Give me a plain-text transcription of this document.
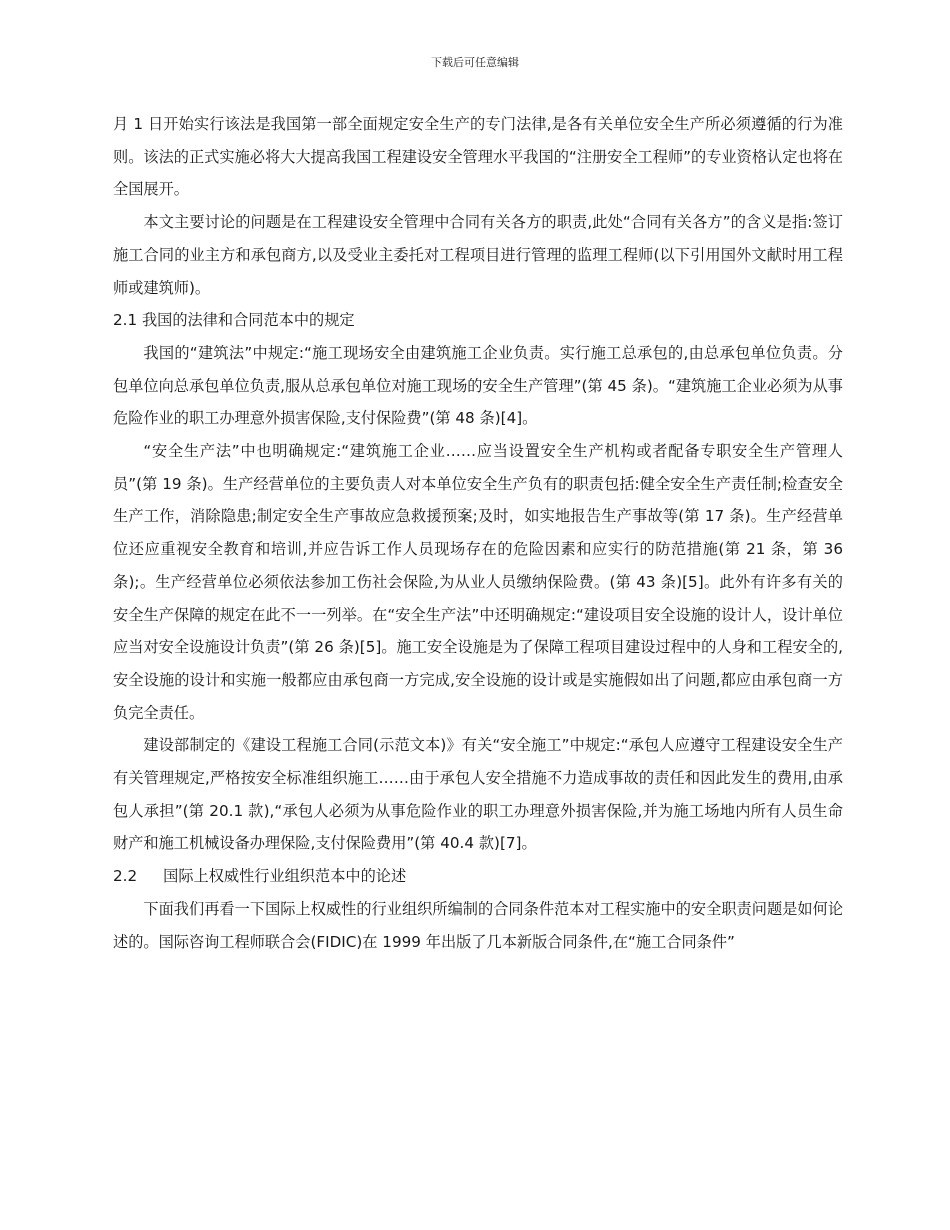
下载后可任意编辑

月 1 日开始实行该法是我国第一部全面规定安全生产的专门法律,是各有关单位安全生产所必须遵循的行为准则。该法的正式实施必将大大提高我国工程建设安全管理水平我国的“注册安全工程师”的专业资格认定也将在全国展开。

本文主要讨论的问题是在工程建设安全管理中合同有关各方的职责,此处“合同有关各方”的含义是指:签订施工合同的业主方和承包商方,以及受业主委托对工程项目进行管理的监理工程师(以下引用国外文献时用工程师或建筑师)。

2.1 我国的法律和合同范本中的规定

我国的“建筑法”中规定:“施工现场安全由建筑施工企业负责。实行施工总承包的,由总承包单位负责。分包单位向总承包单位负责,服从总承包单位对施工现场的安全生产管理”(第 45 条)。“建筑施工企业必须为从事危险作业的职工办理意外损害保险,支付保险费”(第 48 条)[4]。

“安全生产法”中也明确规定:“建筑施工企业……应当设置安全生产机构或者配备专职安全生产管理人员”(第 19 条)。生产经营单位的主要负责人对本单位安全生产负有的职责包括:健全安全生产责任制;检查安全生产工作，消除隐患;制定安全生产事故应急救援预案;及时，如实地报告生产事故等(第 17 条)。生产经营单位还应重视安全教育和培训,并应告诉工作人员现场存在的危险因素和应实行的防范措施(第 21 条，第 36 条);。生产经营单位必须依法参加工伤社会保险,为从业人员缴纳保险费。(第 43 条)[5]。此外有许多有关的安全生产保障的规定在此不一一列举。在“安全生产法”中还明确规定:“建设项目安全设施的设计人，设计单位应当对安全设施设计负责”(第 26 条)[5]。施工安全设施是为了保障工程项目建设过程中的人身和工程安全的,安全设施的设计和实施一般都应由承包商一方完成,安全设施的设计或是实施假如出了问题,都应由承包商一方负完全责任。

建设部制定的《建设工程施工合同(示范文本)》有关“安全施工”中规定:“承包人应遵守工程建设安全生产有关管理规定,严格按安全标准组织施工……由于承包人安全措施不力造成事故的责任和因此发生的费用,由承包人承担”(第 20.1 款),“承包人必须为从事危险作业的职工办理意外损害保险,并为施工场地内所有人员生命财产和施工机械设备办理保险,支付保险费用”(第 40.4 款)[7]。

2.2 国际上权威性行业组织范本中的论述

下面我们再看一下国际上权威性的行业组织所编制的合同条件范本对工程实施中的安全职责问题是如何论述的。国际咨询工程师联合会(FIDIC)在 1999 年出版了几本新版合同条件,在“施工合同条件”
